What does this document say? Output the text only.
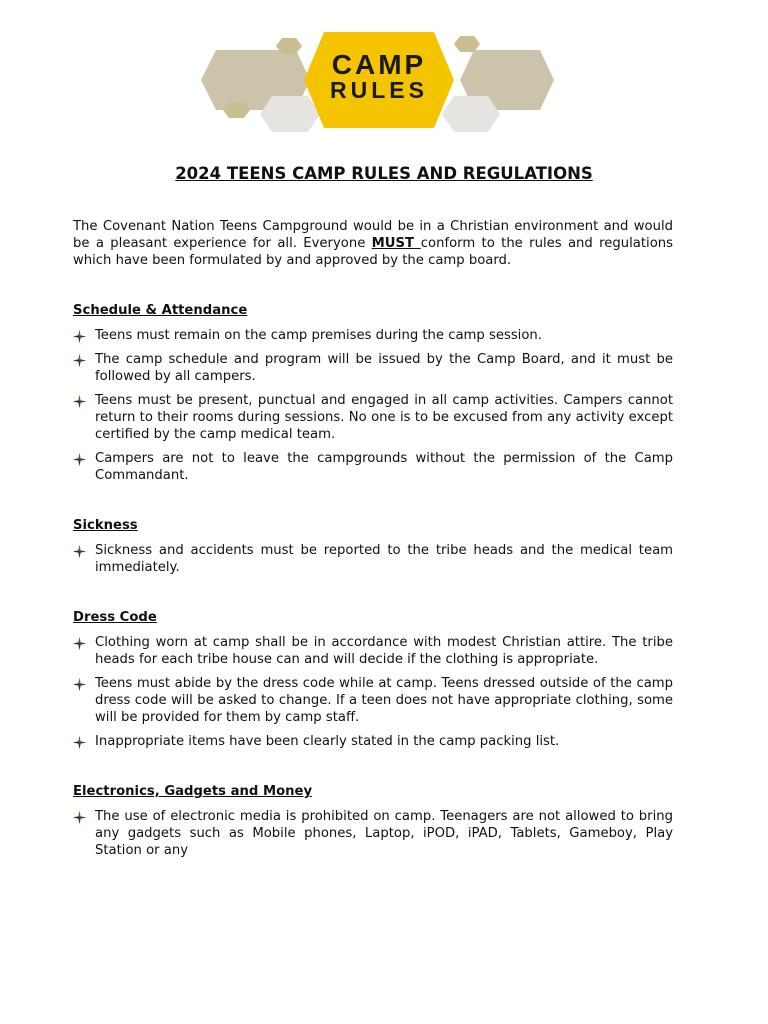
CAMP
RULES
2024 TEENS CAMP RULES AND REGULATIONS

The Covenant Nation Teens Campground would be in a Christian environment and would be a pleasant experience for all. Everyone MUST conform to the rules and regulations which have been formulated by and approved by the camp board.

Schedule & Attendance
Teens must remain on the camp premises during the camp session.
The camp schedule and program will be issued by the Camp Board, and it must be followed by all campers.
Teens must be present, punctual and engaged in all camp activities. Campers cannot return to their rooms during sessions. No one is to be excused from any activity except certified by the camp medical team.
Campers are not to leave the campgrounds without the permission of the Camp Commandant.
Sickness
Sickness and accidents must be reported to the tribe heads and the medical team immediately.
Dress Code
Clothing worn at camp shall be in accordance with modest Christian attire. The tribe heads for each tribe house can and will decide if the clothing is appropriate.
Teens must abide by the dress code while at camp. Teens dressed outside of the camp dress code will be asked to change. If a teen does not have appropriate clothing, some will be provided for them by camp staff.
Inappropriate items have been clearly stated in the camp packing list.
Electronics, Gadgets and Money
The use of electronic media is prohibited on camp. Teenagers are not allowed to bring any gadgets such as Mobile phones, Laptop, iPOD, iPAD, Tablets, Gameboy, Play Station or any
